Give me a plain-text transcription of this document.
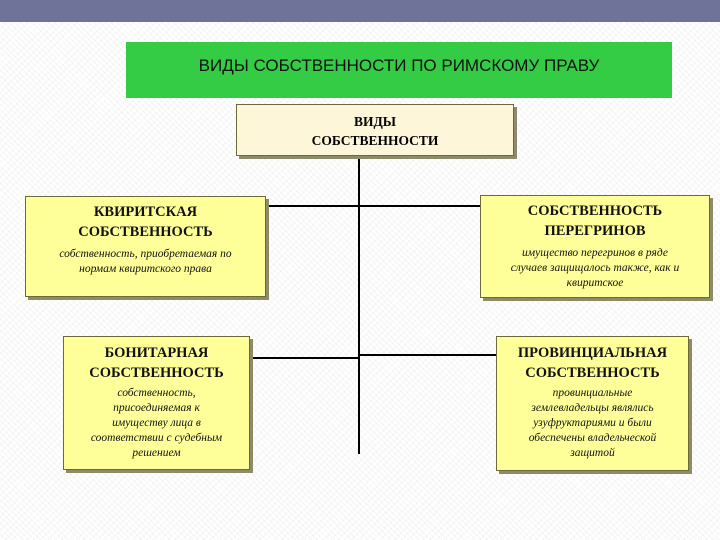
ВИДЫ СОБСТВЕННОСТИ ПО РИМСКОМУ ПРАВУ
ВИДЫ
СОБСТВЕННОСТИ
КВИРИТСКАЯ
СОБСТВЕННОСТЬ
собственность, приобретаемая по
нормам квиритского права
СОБСТВЕННОСТЬ
ПЕРЕГРИНОВ
имущество перегринов в ряде
случаев защищалось также, как и
квиритское
БОНИТАРНАЯ
СОБСТВЕННОСТЬ
собственность,
присоединяемая к
имуществу лица в
соответствии с судебным
решением
ПРОВИНЦИАЛЬНАЯ
СОБСТВЕННОСТЬ
провинциальные
землевладельцы являлись
узуфруктариями и были
обеспечены владельческой
защитой
